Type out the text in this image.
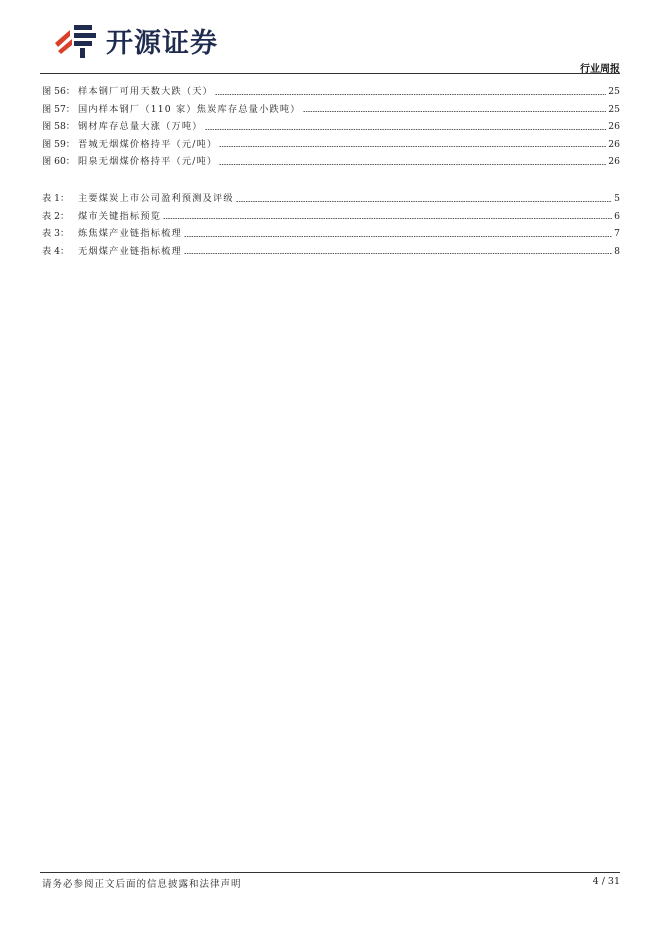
开源证券
行业周报
图 56： 样本钢厂可用天数大跌（天）	25
图 57： 国内样本钢厂（110 家）焦炭库存总量小跌吨）	25
图 58： 钢材库存总量大涨（万吨）	26
图 59： 晋城无烟煤价格持平（元/吨）	26
图 60： 阳泉无烟煤价格持平（元/吨）	26
表 1： 主要煤炭上市公司盈利预测及评级	5
表 2： 煤市关键指标预览	6
表 3： 炼焦煤产业链指标梳理	7
表 4： 无烟煤产业链指标梳理	8
请务必参阅正文后面的信息披露和法律声明	4 / 31
